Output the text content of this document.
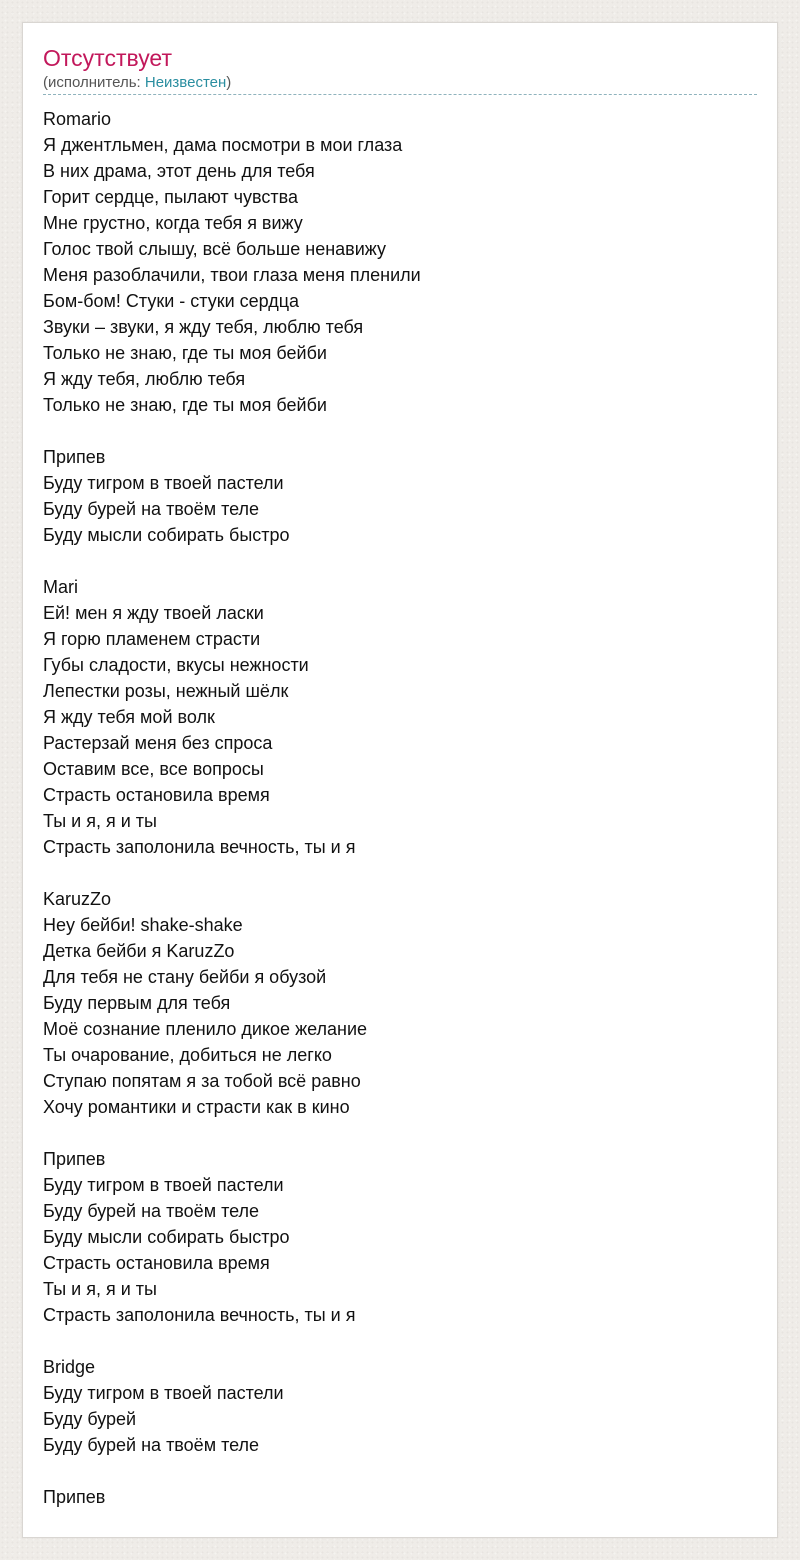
Отсутствует
(исполнитель: Неизвестен)
Romario
Я джентльмен, дама посмотри в мои глаза
В них драма, этот день для тебя
Горит сердце, пылают чувства
Мне грустно, когда тебя я вижу
Голос твой слышу, всё больше ненавижу
Меня разоблачили, твои глаза меня пленили
Бом-бом! Стуки - стуки сердца
Звуки – звуки, я жду тебя, люблю тебя
Только не знаю, где ты моя бейби
Я жду тебя, люблю тебя
Только не знаю, где ты моя бейби
Припев
Буду тигром в твоей пастели
Буду бурей на твоём теле
Буду мысли собирать быстро
Mari
Ей! мен я жду твоей ласки
Я горю пламенем страсти
Губы сладости, вкусы нежности
Лепестки розы, нежный шёлк
Я жду тебя мой волк
Растерзай меня без спроса
Оставим все, все вопросы
Страсть остановила время
Ты и я, я и ты
Страсть заполонила вечность, ты и я
KaruzZo
Hey бейби! shake-shake
Детка бейби я KaruzZo
Для тебя не стану бейби я обузой
Буду первым для тебя
Моё сознание пленило дикое желание
Ты очарование, добиться не легко
Ступаю попятам я за тобой всё равно
Хочу романтики и страсти как в кино
Припев
Буду тигром в твоей пастели
Буду бурей на твоём теле
Буду мысли собирать быстро
Страсть остановила время
Ты и я, я и ты
Страсть заполонила вечность, ты и я
Bridge
Буду тигром в твоей пастели
Буду бурей
Буду бурей на твоём теле
Припев
